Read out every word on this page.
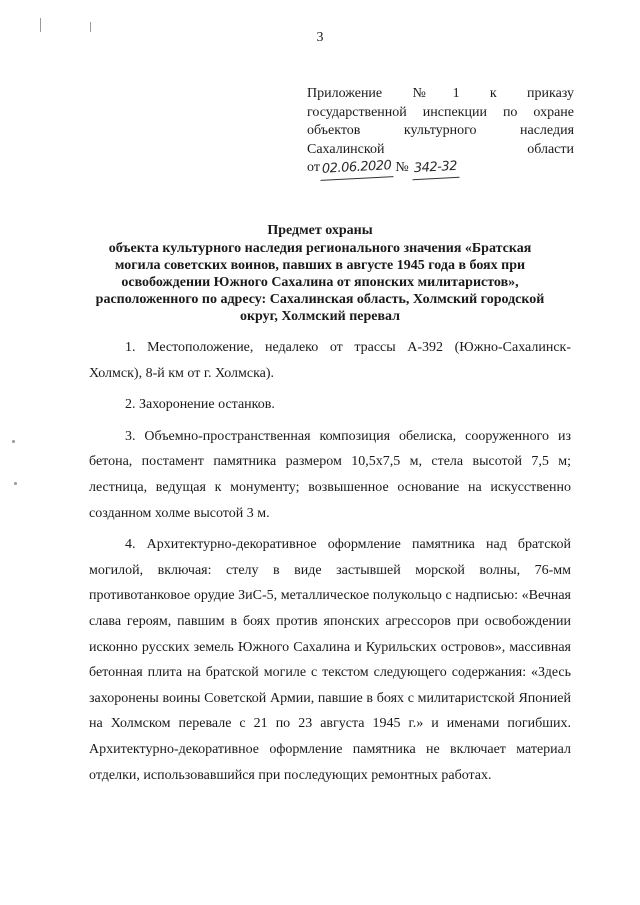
3
Приложение №1 к приказу
государственной инспекции по охране
объектов	культурного	наследия
Сахалинской	области
от 02.06.2020 № 342-32
Предмет охраны
объекта культурного наследия регионального значения «Братская
могила советских воинов, павших в августе 1945 года в боях при
освобождении Южного Сахалина от японских милитаристов»,
расположенного по адресу: Сахалинская область, Холмский городской
округ, Холмский перевал

1. Местоположение, недалеко от трассы А-392 (Южно-Сахалинск-Холмск), 8-й км от г. Холмска).

2. Захоронение останков.

3. Объемно-пространственная композиция обелиска, сооруженного из бетона, постамент памятника размером 10,5х7,5 м, стела высотой 7,5 м; лестница, ведущая к монументу; возвышенное основание на искусственно созданном холме высотой 3 м.

4. Архитектурно-декоративное оформление памятника над братской могилой, включая: стелу в виде застывшей морской волны, 76-мм противотанковое орудие ЗиС-5, металлическое полукольцо с надписью: «Вечная слава героям, павшим в боях против японских агрессоров при освобождении исконно русских земель Южного Сахалина и Курильских островов», массивная бетонная плита на братской могиле с текстом следующего содержания: «Здесь захоронены воины Советской Армии, павшие в боях с милитаристской Японией на Холмском перевале с 21 по 23 августа 1945 г.» и именами погибших. Архитектурно-декоративное оформление памятника не включает материал отделки, использовавшийся при последующих ремонтных работах.
